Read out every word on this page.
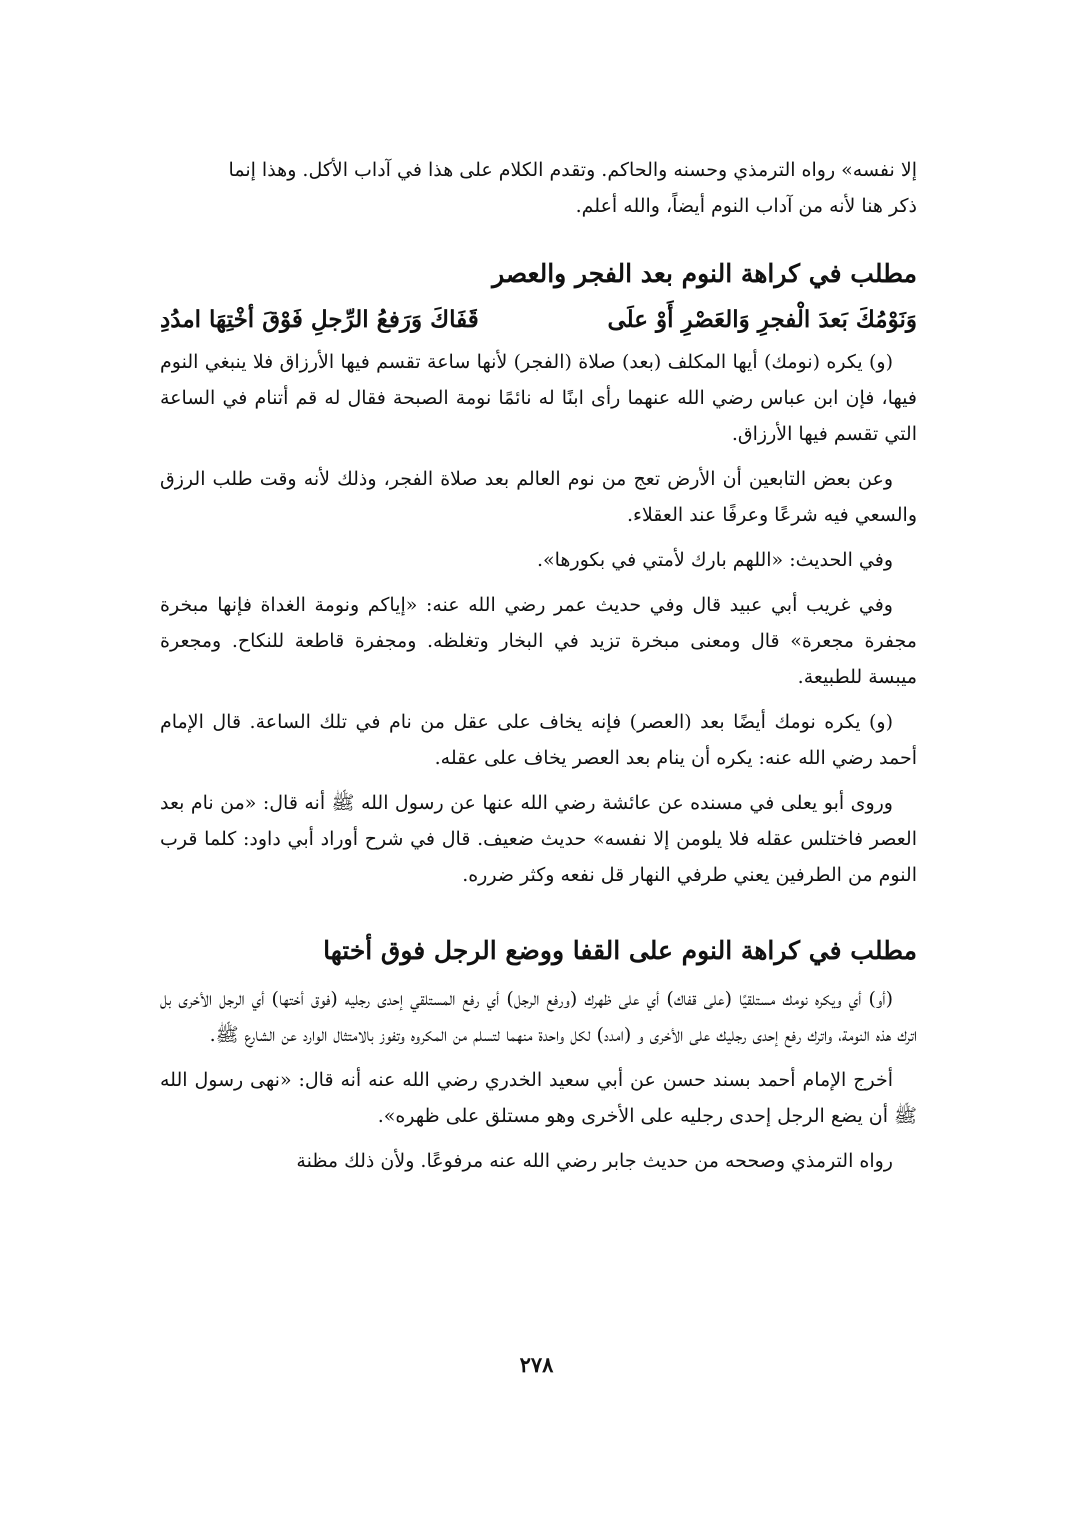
إلا نفسه» رواه الترمذي وحسنه والحاكم. وتقدم الكلام على هذا في آداب الأكل. وهذا إنما
ذكر هنا لأنه من آداب النوم أيضاً، والله أعلم.

مطلب في كراهة النوم بعد الفجر والعصر
وَنَوْمُكَ بَعدَ الْفجرِ وَالعَصْرِ أَوْ علَى
قَفَاكَ وَرَفعُ الرِّجلِ فَوْقَ أخْتِهَا امدُدِ

(و) يكره (نومك) أيها المكلف (بعد) صلاة (الفجر) لأنها ساعة تقسم فيها الأرزاق فلا ينبغي النوم فيها، فإن ابن عباس رضي الله عنهما رأى ابنًا له نائمًا نومة الصبحة فقال له قم أتنام في الساعة التي تقسم فيها الأرزاق.

وعن بعض التابعين أن الأرض تعج من نوم العالم بعد صلاة الفجر، وذلك لأنه وقت طلب الرزق والسعي فيه شرعًا وعرفًا عند العقلاء.

وفي الحديث: «اللهم بارك لأمتي في بكورها».

وفي غريب أبي عبيد قال وفي حديث عمر رضي الله عنه: «إياكم ونومة الغداة فإنها مبخرة مجفرة مجعرة» قال ومعنى مبخرة تزيد في البخار وتغلظه. ومجفرة قاطعة للنكاح. ومجعرة ميبسة للطبيعة.

(و) يكره نومك أيضًا بعد (العصر) فإنه يخاف على عقل من نام في تلك الساعة. قال الإمام أحمد رضي الله عنه: يكره أن ينام بعد العصر يخاف على عقله.

وروى أبو يعلى في مسنده عن عائشة رضي الله عنها عن رسول الله ﷺ أنه قال: «من نام بعد العصر فاختلس عقله فلا يلومن إلا نفسه» حديث ضعيف. قال في شرح أوراد أبي داود: كلما قرب النوم من الطرفين يعني طرفي النهار قل نفعه وكثر ضرره.

مطلب في كراهة النوم على القفا ووضع الرجل فوق أختها

(أو) أي ويكره نومك مستلقيًا (على قفاك) أي على ظهرك (ورفع الرجل) أي رفع المستلقي إحدى رجليه (فوق أختها) أي الرجل الأخرى بل اترك هذه النومة، واترك رفع إحدى رجليك على الأخرى و (امدد) لكل واحدة منهما لتسلم من المكروه وتفوز بالامتثال الوارد عن الشارع ﷺ.

أخرج الإمام أحمد بسند حسن عن أبي سعيد الخدري رضي الله عنه أنه قال: «نهى رسول الله ﷺ أن يضع الرجل إحدى رجليه على الأخرى وهو مستلق على ظهره».

رواه الترمذي وصححه من حديث جابر رضي الله عنه مرفوعًا. ولأن ذلك مظنة

٢٧٨
